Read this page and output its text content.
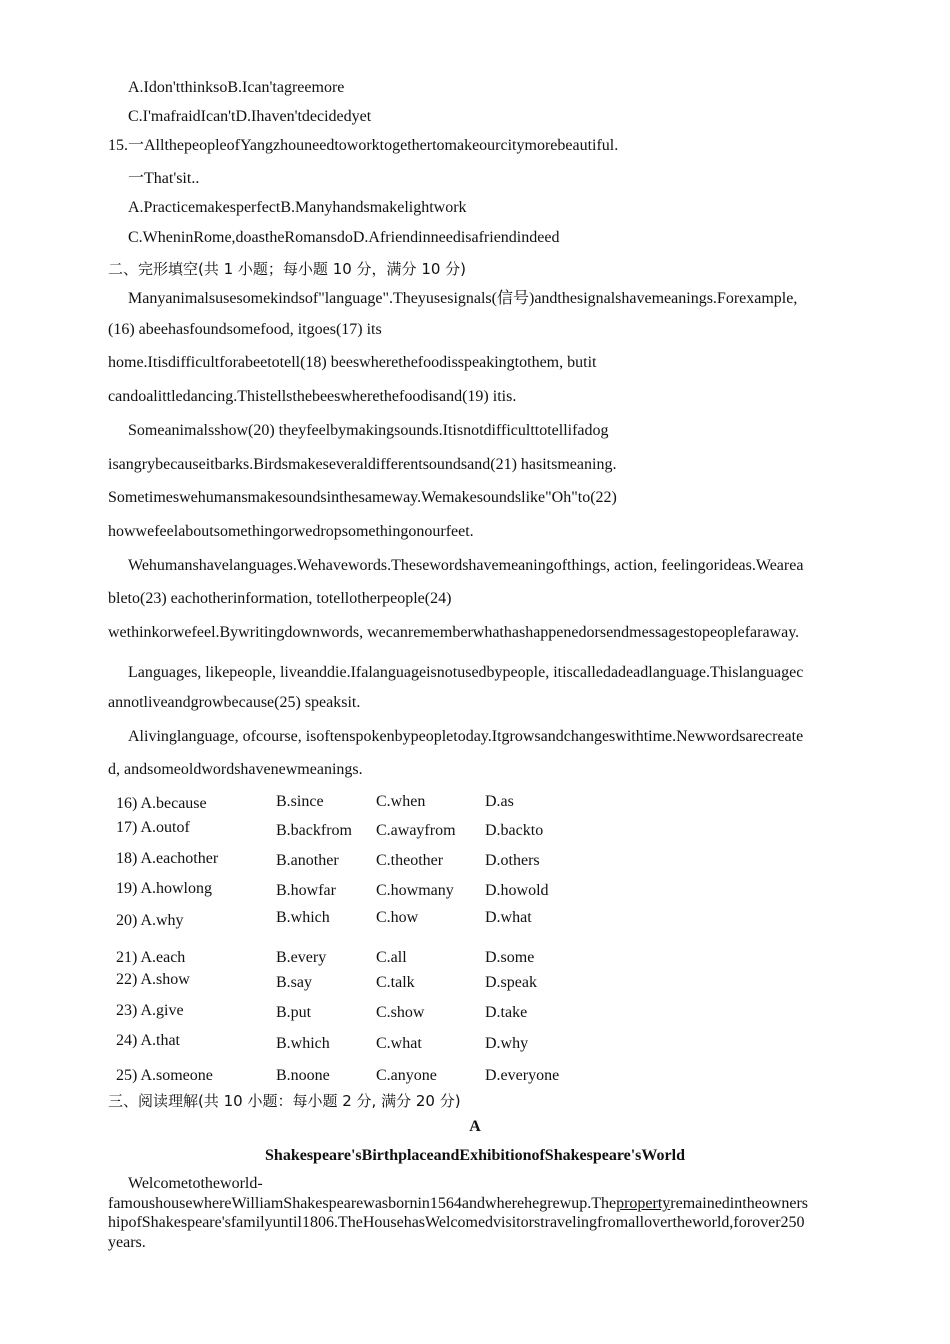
A.Idon'tthinksoB.Ican'tagreemore
C.I'mafraidIcan'tD.Ihaven'tdecidedyet
15.一AllthepeopleofYangzhouneedtoworktogethertomakeourcitymorebeautiful.
一That'sit..
A.PracticemakesperfectB.Manyhandsmakelightwork
C.WheninRome,doastheRomansdoD.Afriendinneedisafriendindeed
二、完形填空(共 1 小题；每小题 10 分，满分 10 分)
Manyanimalsusesomekindsof"language".Theyusesignals(信号)andthesignalshavemeanings.Forexample,
(16) abeehasfoundsomefood, itgoes(17) its
home.Itisdifficultforabeetotell(18) beeswherethefoodisspeakingtothem, butit
candoalittledancing.Thistellsthebeeswherethefoodisand(19) itis.
Someanimalsshow(20) theyfeelbymakingsounds.Itisnotdifficulttotellifadog
isangrybecauseitbarks.Birdsmakeseveraldifferentsoundsand(21) hasitsmeaning.
Sometimeswehumansmakesoundsinthesameway.Wemakesoundslike"Oh"to(22)
howwefeelaboutsomethingorwedropsomethingonourfeet.
Wehumanshavelanguages.Wehavewords.Thesewordshavemeaningofthings, action, feelingorideas.Wearea
bleto(23) eachotherinformation, totellotherpeople(24)
wethinkorwefeel.Bywritingdownwords, wecanrememberwhathashappenedorsendmessagestopeoplefaraway.
Languages, likepeople, liveanddie.Ifalanguageisnotusedbypeople, itiscalledadeadlanguage.Thislanguagec
annotliveandgrowbecause(25) speaksit.
Alivinglanguage, ofcourse, isoftenspokenbypeopletoday.Itgrowsandchangeswithtime.Newwordsarecreate
d, andsomeoldwordshavenewmeanings.
16) A.because	B.since	C.when	D.as
17) A.outof	B.backfrom C.awayfrom D.backto
18) A.eachother	B.another C.theother	D.others
19) A.howlong	B.howfar	C.howmany D.howold
20) A.why	B.which	C.how	D.what
21) A.each	B.every	C.all	D.some
22) A.show	B.say	C.talk	D.speak
23) A.give	B.put	C.show	D.take
24) A.that	B.which	C.what	D.why
25) A.someone	B.noone	C.anyone	D.everyone
三、阅读理解(共 10 小题：每小题 2 分, 满分 20 分)
A
Shakespeare'sBirthplaceandExhibitionofShakespeare'sWorld
Welcometotheworld-
famoushousewhereWilliamShakespearewasbornin1564andwherehegrewup.Thepropertyremainedintheowners
hipofShakespeare'sfamilyuntil1806.TheHousehasWelcomedvisitorstravelingfromallovertheworld,forover250
years.
